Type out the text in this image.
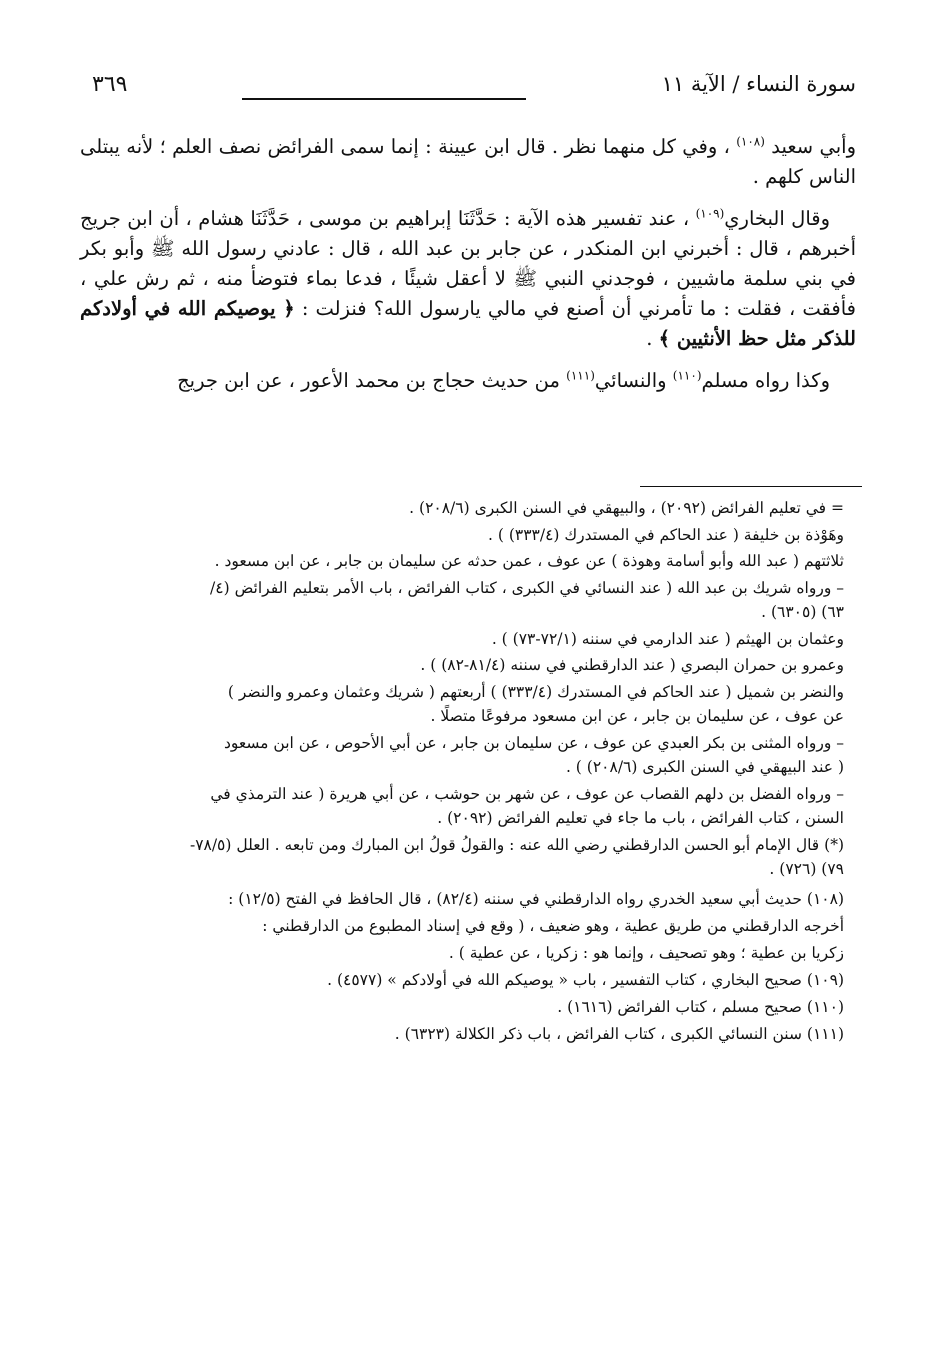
سورة النساء / الآية ١١
٣٦٩

وأبي سعيد $^{(١٠٨)}$ ، وفي كل منهما نظر . قال ابن عيينة : إنما سمى الفرائض نصف العلم ؛ لأنه يبتلى الناس كلهم .

وقال البخاري$^{(١٠٩)}$ ، عند تفسير هذه الآية : حَدَّثَنَا إبراهيم بن موسى ، حَدَّثَنَا هشام ، أن ابن جريج أخبرهم ، قال : أخبرني ابن المنكدر ، عن جابر بن عبد الله ، قال : عادني رسول الله ﷺ وأبو بكر في بني سلمة ماشيين ، فوجدني النبي ﷺ لا أعقل شيئًا ، فدعا بماء فتوضأ منه ، ثم رش علي ، فأفقت ، فقلت : ما تأمرني أن أصنع في مالي يارسول الله؟ فنزلت : ﴿ يوصيكم الله في أولادكم للذكر مثل حظ الأنثيين ﴾ .

وكذا رواه مسلم$^{(١١٠)}$ والنسائي$^{(١١١)}$ من حديث حجاج بن محمد الأعور ، عن ابن جريج

= في تعليم الفرائض (٢٠٩٢) ، والبيهقي في السنن الكبرى (٢٠٨/٦) .

وهَوْذة بن خليفة ( عند الحاكم في المستدرك (٣٣٣/٤) ) .

ثلاثتهم ( عبد الله وأبو أسامة وهوذة ) عن عوف ، عمن حدثه عن سليمان بن جابر ، عن ابن مسعود .

– ورواه شريك بن عبد الله ( عند النسائي في الكبرى ، كتاب الفرائض ، باب الأمر بتعليم الفرائض (٤/

٦٣) (٦٣٠٥) .

وعثمان بن الهيثم ( عند الدارمي في سننه (٧٢/١-٧٣) ) .

وعمرو بن حمران البصري ( عند الدارقطني في سننه (٨١/٤-٨٢) ) .

والنضر بن شميل ( عند الحاكم في المستدرك (٣٣٣/٤) ) أربعتهم ( شريك وعثمان وعمرو والنضر )

عن عوف ، عن سليمان بن جابر ، عن ابن مسعود مرفوعًا متصلًا .

– ورواه المثنى بن بكر العبدي عن عوف ، عن سليمان بن جابر ، عن أبي الأحوص ، عن ابن مسعود

( عند البيهقي في السنن الكبرى (٢٠٨/٦) ) .

– ورواه الفضل بن دلهم القصاب عن عوف ، عن شهر بن حوشب ، عن أبي هريرة ( عند الترمذي في

السنن ، كتاب الفرائض ، باب ما جاء في تعليم الفرائض (٢٠٩٢) .

(*) قال الإمام أبو الحسن الدارقطني رضي الله عنه : والقولُ قولُ ابن المبارك ومن تابعه . العلل (٧٨/٥-

٧٩) (٧٢٦) .

(١٠٨) حديث أبي سعيد الخدري رواه الدارقطني في سننه (٨٢/٤) ، قال الحافظ في الفتح (١٢/٥) :

أخرجه الدارقطني من طريق عطية ، وهو ضعيف ، ( وقع في إسناد المطبوع من الدارقطني :

زكريا بن عطية ؛ وهو تصحيف ، وإنما هو : زكريا ، عن عطية ) .

(١٠٩) صحيح البخاري ، كتاب التفسير ، باب « يوصيكم الله في أولادكم » (٤٥٧٧) .

(١١٠) صحيح مسلم ، كتاب الفرائض (١٦١٦) .

(١١١) سنن النسائي الكبرى ، كتاب الفرائض ، باب ذكر الكلالة (٦٣٢٣) .
